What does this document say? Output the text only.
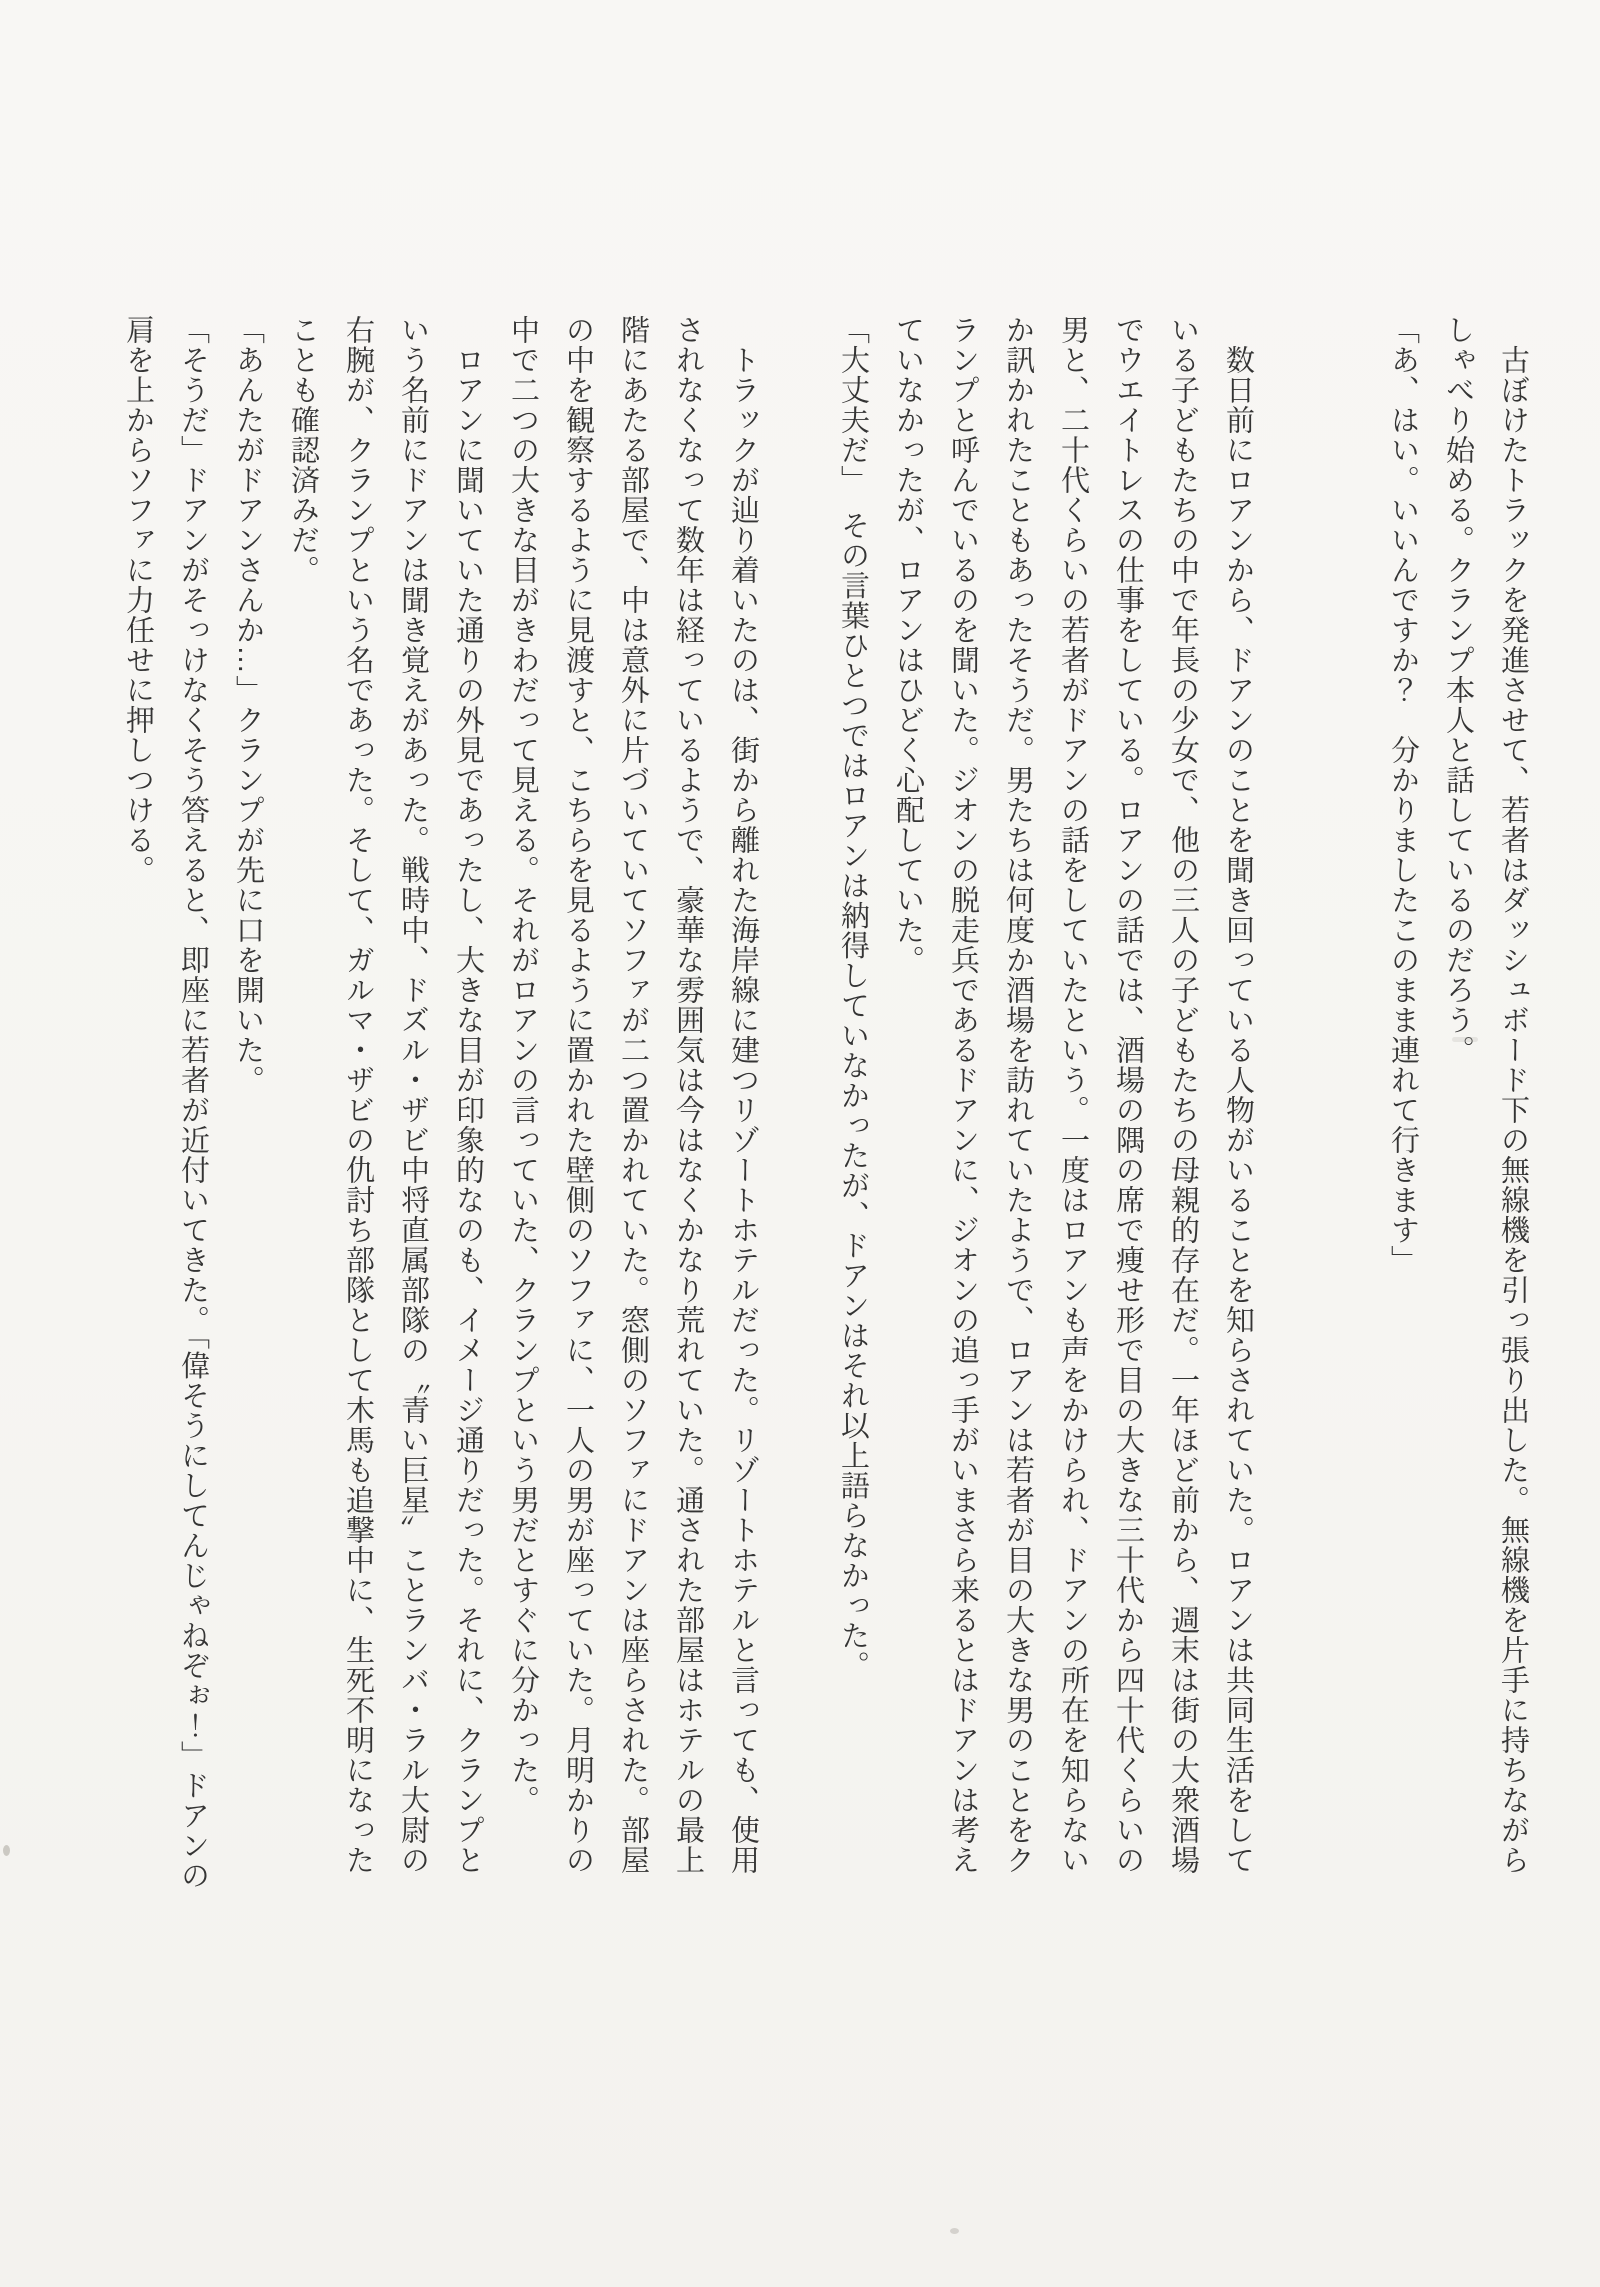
　古ぼけたトラックを発進させて、若者はダッシュボード下の無線機を引っ張り出した。無線機を片手に持ちながら
しゃべり始める。クランプ本人と話しているのだろう。
「あ、はい。いいんですか？　分かりましたこのまま連れて行きます」
　数日前にロアンから、ドアンのことを聞き回っている人物がいることを知らされていた。ロアンは共同生活をして
いる子どもたちの中で年長の少女で、他の三人の子どもたちの母親的存在だ。一年ほど前から、週末は街の大衆酒場
でウエイトレスの仕事をしている。ロアンの話では、酒場の隅の席で痩せ形で目の大きな三十代から四十代くらいの
男と、二十代くらいの若者がドアンの話をしていたという。一度はロアンも声をかけられ、ドアンの所在を知らない
か訊かれたこともあったそうだ。男たちは何度か酒場を訪れていたようで、ロアンは若者が目の大きな男のことをク
ランプと呼んでいるのを聞いた。ジオンの脱走兵であるドアンに、ジオンの追っ手がいまさら来るとはドアンは考え
ていなかったが、ロアンはひどく心配していた。
「大丈夫だ」　その言葉ひとつではロアンは納得していなかったが、ドアンはそれ以上語らなかった。
　トラックが辿り着いたのは、街から離れた海岸線に建つリゾートホテルだった。リゾートホテルと言っても、使用
されなくなって数年は経っているようで、豪華な雰囲気は今はなくかなり荒れていた。通された部屋はホテルの最上
階にあたる部屋で、中は意外に片づいていてソファが二つ置かれていた。窓側のソファにドアンは座らされた。部屋
の中を観察するように見渡すと、こちらを見るように置かれた壁側のソファに、一人の男が座っていた。月明かりの
中で二つの大きな目がきわだって見える。それがロアンの言っていた、クランプという男だとすぐに分かった。
　ロアンに聞いていた通りの外見であったし、大きな目が印象的なのも、イメージ通りだった。それに、クランプと
いう名前にドアンは聞き覚えがあった。戦時中、ドズル・ザビ中将直属部隊の〝青い巨星〟ことランバ・ラル大尉の
右腕が、クランプという名であった。そして、ガルマ・ザビの仇討ち部隊として木馬も追撃中に、生死不明になった
ことも確認済みだ。
「あんたがドアンさんか…」クランプが先に口を開いた。
「そうだ」ドアンがそっけなくそう答えると、即座に若者が近付いてきた。「偉そうにしてんじゃねぞぉ！」ドアンの
肩を上からソファに力任せに押しつける。
